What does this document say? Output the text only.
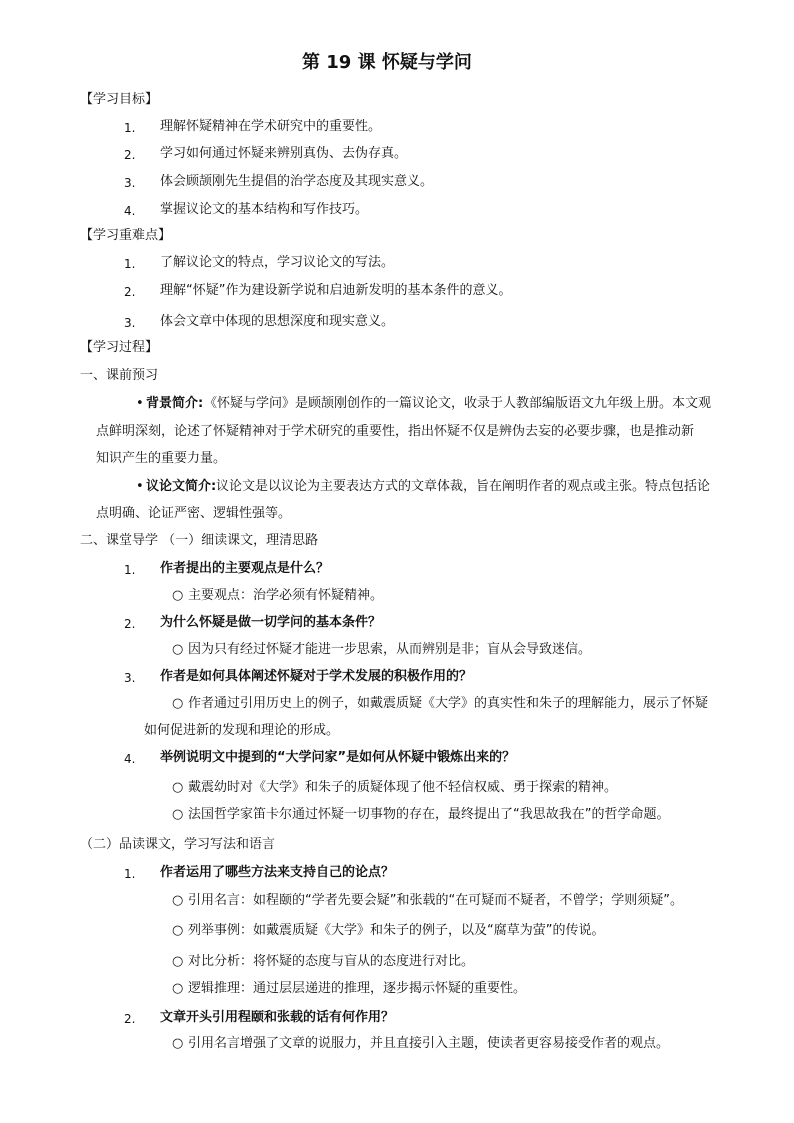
第 19 课 怀疑与学问
【学习目标】
1. 理解怀疑精神在学术研究中的重要性。
2. 学习如何通过怀疑来辨别真伪、去伪存真。
3. 体会顾颉刚先生提倡的治学态度及其现实意义。
4. 掌握议论文的基本结构和写作技巧。
【学习重难点】
1. 了解议论文的特点，学习议论文的写法。
2. 理解“怀疑”作为建设新学说和启迪新发明的基本条件的意义。
3. 体会文章中体现的思想深度和现实意义。
【学习过程】
一、课前预习
• 背景简介: 《怀疑与学问》是顾颉刚创作的一篇议论文，收录于人教部编版语文九年级上册。本文观
点鲜明深刻，论述了怀疑精神对于学术研究的重要性，指出怀疑不仅是辨伪去妄的必要步骤，也是推动新
知识产生的重要力量。
• 议论文简介: 议论文是以议论为主要表达方式的文章体裁，旨在阐明作者的观点或主张。特点包括论
点明确、论证严密、逻辑性强等。
二、课堂导学 （一）细读课文，理清思路
1. 作者提出的主要观点是什么？
○ 主要观点：治学必须有怀疑精神。
2. 为什么怀疑是做一切学问的基本条件？
○ 因为只有经过怀疑才能进一步思索，从而辨别是非；盲从会导致迷信。
3. 作者是如何具体阐述怀疑对于学术发展的积极作用的？
○ 作者通过引用历史上的例子，如戴震质疑《大学》的真实性和朱子的理解能力，展示了怀疑
如何促进新的发现和理论的形成。
4. 举例说明文中提到的“大学问家”是如何从怀疑中锻炼出来的？
○ 戴震幼时对《大学》和朱子的质疑体现了他不轻信权威、勇于探索的精神。
○ 法国哲学家笛卡尔通过怀疑一切事物的存在，最终提出了“我思故我在”的哲学命题。
（二）品读课文，学习写法和语言
1. 作者运用了哪些方法来支持自己的论点？
○ 引用名言：如程颐的“学者先要会疑”和张载的“在可疑而不疑者，不曾学；学则须疑”。
○ 列举事例：如戴震质疑《大学》和朱子的例子，以及“腐草为萤”的传说。
○ 对比分析：将怀疑的态度与盲从的态度进行对比。
○ 逻辑推理：通过层层递进的推理，逐步揭示怀疑的重要性。
2. 文章开头引用程颐和张载的话有何作用？
○ 引用名言增强了文章的说服力，并且直接引入主题，使读者更容易接受作者的观点。
